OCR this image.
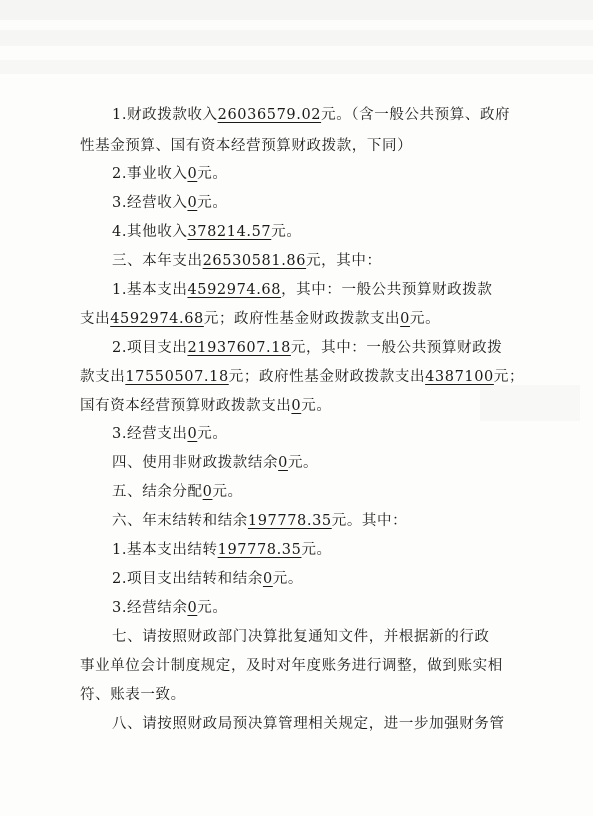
1.财政拨款收入26036579.02元。（含一般公共预算、政府
性基金预算、国有资本经营预算财政拨款，下同）
2.事业收入0元。
3.经营收入0元。
4.其他收入378214.57元。
三、本年支出26530581.86元，其中：
1.基本支出4592974.68，其中：一般公共预算财政拨款
支出4592974.68元；政府性基金财政拨款支出0元。
2.项目支出21937607.18元，其中：一般公共预算财政拨
款支出17550507.18元；政府性基金财政拨款支出4387100元；
国有资本经营预算财政拨款支出0元。
3.经营支出0元。
四、使用非财政拨款结余0元。
五、结余分配0元。
六、年末结转和结余197778.35元。其中：
1.基本支出结转197778.35元。
2.项目支出结转和结余0元。
3.经营结余0元。
七、请按照财政部门决算批复通知文件，并根据新的行政
事业单位会计制度规定，及时对年度账务进行调整，做到账实相
符、账表一致。
八、请按照财政局预决算管理相关规定，进一步加强财务管
